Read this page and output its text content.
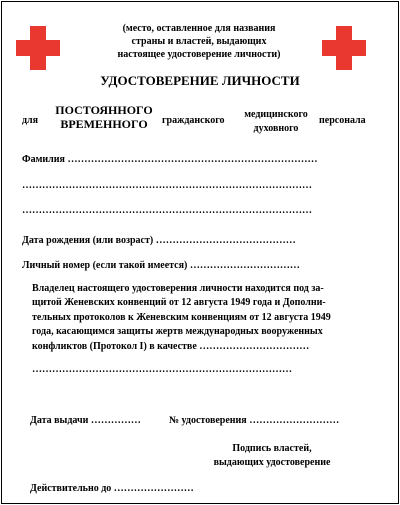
(место, оставленное для названия
страны и властей, выдающих
настоящее удостоверение личности)
УДОСТОВЕРЕНИЕ ЛИЧНОСТИ
для
ПОСТОЯННОГО
ВРЕМЕННОГО	гражданского
медицинского
духовного
персонала
Фамилия …………………………………………………………………
……………………………………………………………………………
……………………………………………………………………………
Дата рождения (или возраст) ……………………………………
Личный номер (если такой имеется) ……………………………
Владелец настоящего удостоверения личности находится под за-
щитой Женевских конвенций от 12 августа 1949 года и Дополни-
тельных протоколов к Женевским конвенциям от 12 августа 1949
года, касающимся защиты жертв международных вооруженных
конфликтов (Протокол I) в качестве ……………………………
……………………………………………………………………
Дата выдачи ……………	№ удостоверения ………………………
Подпись властей,
выдающих удостоверение
Действительно до ……………………
